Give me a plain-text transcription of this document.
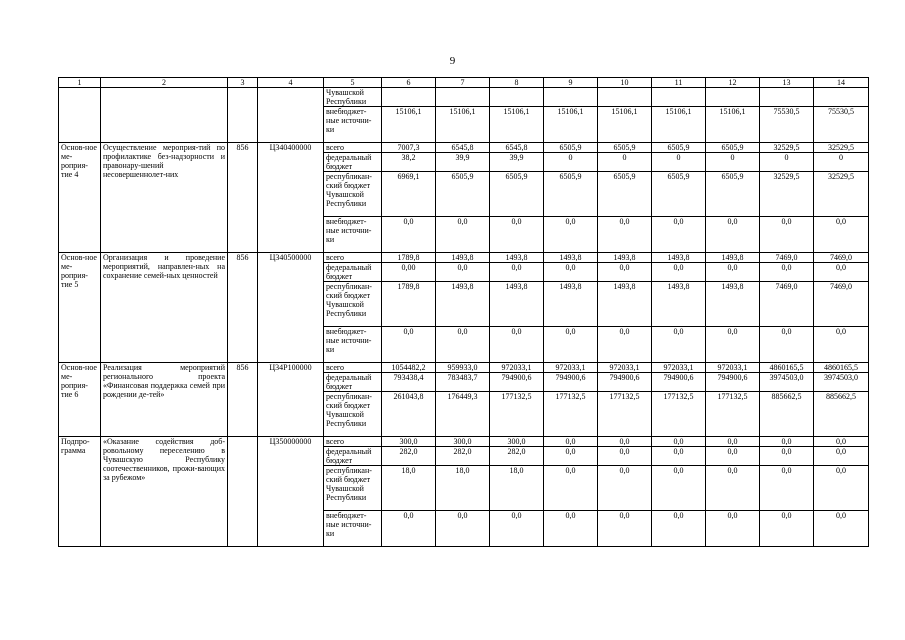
9
1	2	3	4	5	6	7	8	9	10	11	12	13	14
				Чувашской Республики									
				внебюджет-ные источни-ки	15106,1	15106,1	15106,1	15106,1	15106,1	15106,1	15106,1	75530,5	75530,5
Основ-ное ме-роприя-тие 4	Осуществление мероприя-тий по профилактике без-надзорности и правонару-шений несовершеннолет-них	856	Ц340400000	всего	7007,3	6545,8	6545,8	6505,9	6505,9	6505,9	6505,9	32529,5	32529,5
				федеральный бюджет	38,2	39,9	39,9	0	0	0	0	0	0
				республикан-ский бюджет Чувашской Республики	6969,1	6505,9	6505,9	6505,9	6505,9	6505,9	6505,9	32529,5	32529,5
				внебюджет-ные источни-ки	0,0	0,0	0,0	0,0	0,0	0,0	0,0	0,0	0,0
Основ-ное ме-роприя-тие 5	Организация и проведение мероприятий, направлен-ных на сохранение семей-ных ценностей	856	Ц340500000	всего	1789,8	1493,8	1493,8	1493,8	1493,8	1493,8	1493,8	7469,0	7469,0
				федеральный бюджет	0,00	0,0	0,0	0,0	0,0	0,0	0,0	0,0	0,0
				республикан-ский бюджет Чувашской Республики	1789,8	1493,8	1493,8	1493,8	1493,8	1493,8	1493,8	7469,0	7469,0
				внебюджет-ные источни-ки	0,0	0,0	0,0	0,0	0,0	0,0	0,0	0,0	0,0
Основ-ное ме-роприя-тие 6	Реализация мероприятий регионального проекта «Финансовая поддержка семей при рождении де-тей»	856	Ц34Р100000	всего	1054482,2	959933,0	972033,1	972033,1	972033,1	972033,1	972033,1	4860165,5	4860165,5
				федеральный бюджет	793438,4	783483,7	794900,6	794900,6	794900,6	794900,6	794900,6	3974503,0	3974503,0
				республикан-ский бюджет Чувашской Республики	261043,8	176449,3	177132,5	177132,5	177132,5	177132,5	177132,5	885662,5	885662,5
Подпро-грамма	«Оказание содействия доб-ровольному переселению в Чувашскую Республику соотечественников, прожи-вающих за рубежом»		Ц350000000	всего	300,0	300,0	300,0	0,0	0,0	0,0	0,0	0,0	0,0
				федеральный бюджет	282,0	282,0	282,0	0,0	0,0	0,0	0,0	0,0	0,0
				республикан-ский бюджет Чувашской Республики	18,0	18,0	18,0	0,0	0,0	0,0	0,0	0,0	0,0
				внебюджет-ные источни-ки	0,0	0,0	0,0	0,0	0,0	0,0	0,0	0,0	0,0
